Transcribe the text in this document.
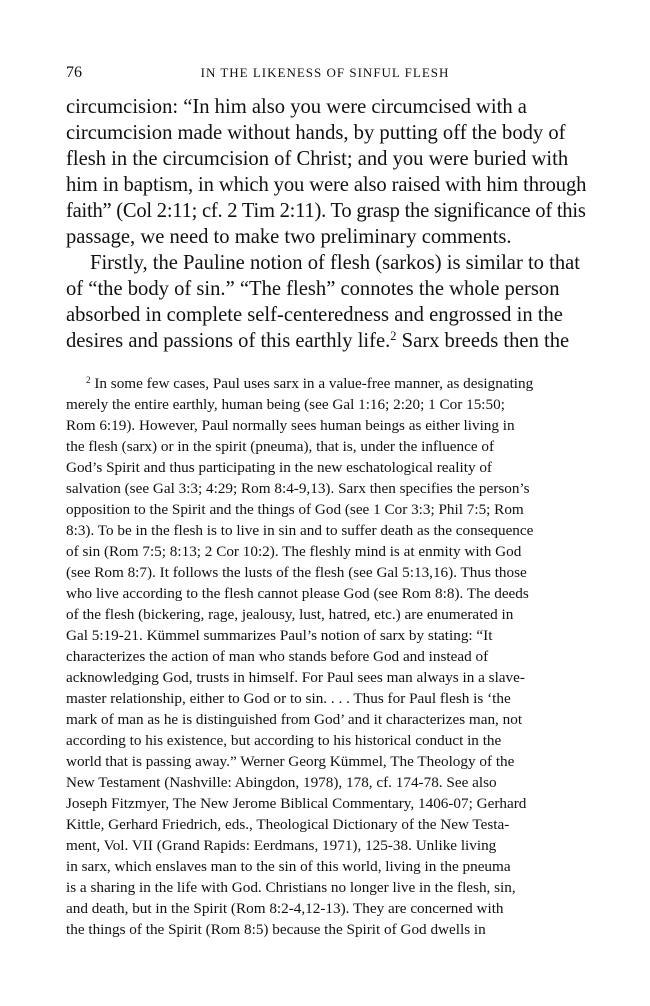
76	IN THE LIKENESS OF SINFUL FLESH
circumcision: “In him also you were circumcised with a
circumcision made without hands, by putting off the body of
flesh in the circumcision of Christ; and you were buried with
him in baptism, in which you were also raised with him through
faith” (Col 2:11; cf. 2 Tim 2:11). To grasp the significance of this
passage, we need to make two preliminary comments.
Firstly, the Pauline notion of flesh (sarkos) is similar to that
of “the body of sin.” “The flesh” connotes the whole person
absorbed in complete self-centeredness and engrossed in the
desires and passions of this earthly life.$^2$ Sarx breeds then the
$^2$ In some few cases, Paul uses sarx in a value-free manner, as designating
merely the entire earthly, human being (see Gal 1:16; 2:20; 1 Cor 15:50;
Rom 6:19). However, Paul normally sees human beings as either living in
the flesh (sarx) or in the spirit (pneuma), that is, under the influence of
God’s Spirit and thus participating in the new eschatological reality of
salvation (see Gal 3:3; 4:29; Rom 8:4-9,13). Sarx then specifies the person’s
opposition to the Spirit and the things of God (see 1 Cor 3:3; Phil 7:5; Rom
8:3). To be in the flesh is to live in sin and to suffer death as the consequence
of sin (Rom 7:5; 8:13; 2 Cor 10:2). The fleshly mind is at enmity with God
(see Rom 8:7). It follows the lusts of the flesh (see Gal 5:13,16). Thus those
who live according to the flesh cannot please God (see Rom 8:8). The deeds
of the flesh (bickering, rage, jealousy, lust, hatred, etc.) are enumerated in
Gal 5:19-21. Kümmel summarizes Paul’s notion of sarx by stating: “It
characterizes the action of man who stands before God and instead of
acknowledging God, trusts in himself. For Paul sees man always in a slave-
master relationship, either to God or to sin. . . . Thus for Paul flesh is ‘the
mark of man as he is distinguished from God’ and it characterizes man, not
according to his existence, but according to his historical conduct in the
world that is passing away.” Werner Georg Kümmel, The Theology of the
New Testament (Nashville: Abingdon, 1978), 178, cf. 174-78. See also
Joseph Fitzmyer, The New Jerome Biblical Commentary, 1406-07; Gerhard
Kittle, Gerhard Friedrich, eds., Theological Dictionary of the New Testa-
ment, Vol. VII (Grand Rapids: Eerdmans, 1971), 125-38. Unlike living
in sarx, which enslaves man to the sin of this world, living in the pneuma
is a sharing in the life with God. Christians no longer live in the flesh, sin,
and death, but in the Spirit (Rom 8:2-4,12-13). They are concerned with
the things of the Spirit (Rom 8:5) because the Spirit of God dwells in
